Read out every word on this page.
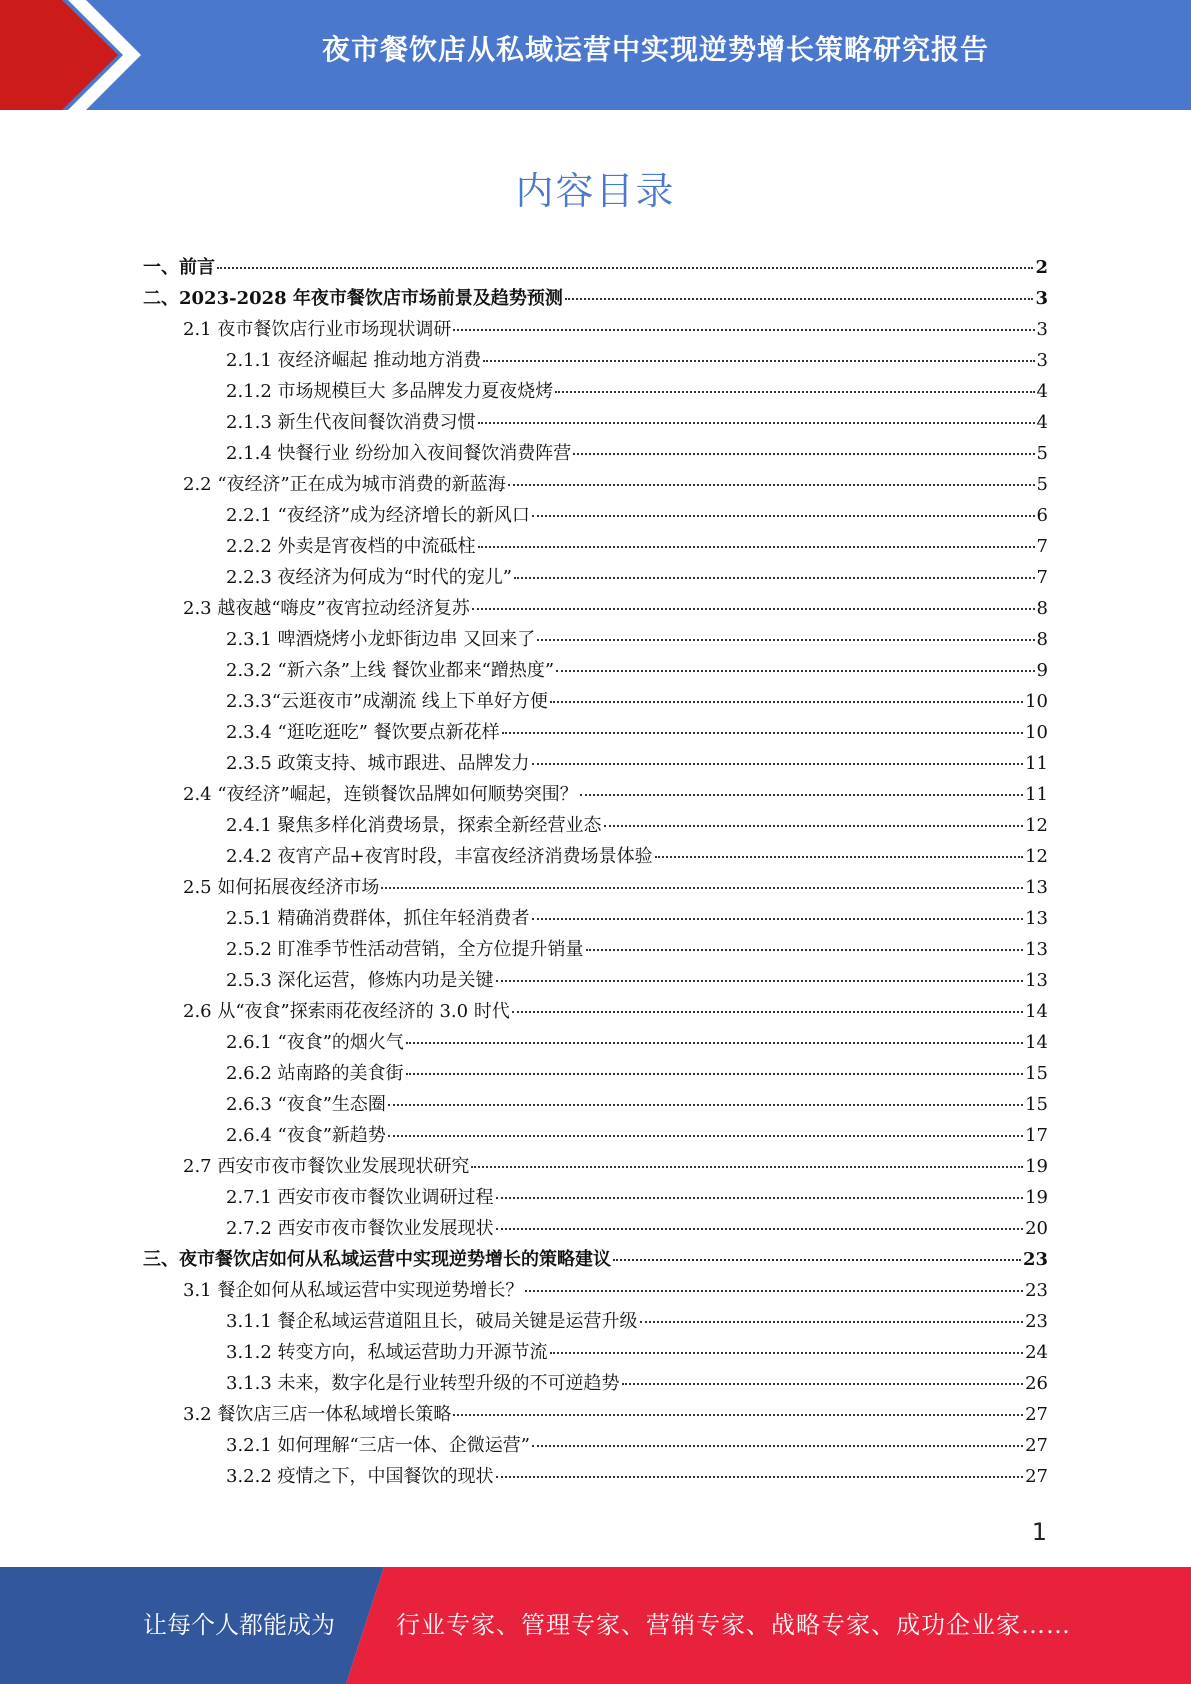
夜市餐饮店从私域运营中实现逆势增长策略研究报告
内容目录
一、前言	2
二、2023-2028 年夜市餐饮店市场前景及趋势预测	3
2.1 夜市餐饮店行业市场现状调研	3
2.1.1 夜经济崛起 推动地方消费	3
2.1.2 市场规模巨大 多品牌发力夏夜烧烤	4
2.1.3 新生代夜间餐饮消费习惯	4
2.1.4 快餐行业 纷纷加入夜间餐饮消费阵营	5
2.2 “夜经济”正在成为城市消费的新蓝海	5
2.2.1 “夜经济”成为经济增长的新风口	6
2.2.2 外卖是宵夜档的中流砥柱	7
2.2.3 夜经济为何成为“时代的宠儿”	7
2.3 越夜越“嗨皮”夜宵拉动经济复苏	8
2.3.1 啤酒烧烤小龙虾街边串 又回来了	8
2.3.2 “新六条”上线 餐饮业都来“蹭热度”	9
2.3.3“云逛夜市”成潮流 线上下单好方便	10
2.3.4 “逛吃逛吃” 餐饮要点新花样	10
2.3.5 政策支持、城市跟进、品牌发力	11
2.4 “夜经济”崛起，连锁餐饮品牌如何顺势突围？	11
2.4.1 聚焦多样化消费场景，探索全新经营业态	12
2.4.2 夜宵产品+夜宵时段，丰富夜经济消费场景体验	12
2.5 如何拓展夜经济市场	13
2.5.1 精确消费群体，抓住年轻消费者	13
2.5.2 盯准季节性活动营销，全方位提升销量	13
2.5.3 深化运营，修炼内功是关键	13
2.6 从“夜食”探索雨花夜经济的 3.0 时代	14
2.6.1 “夜食”的烟火气	14
2.6.2 站南路的美食街	15
2.6.3 “夜食”生态圈	15
2.6.4 “夜食”新趋势	17
2.7 西安市夜市餐饮业发展现状研究	19
2.7.1 西安市夜市餐饮业调研过程	19
2.7.2 西安市夜市餐饮业发展现状	20
三、夜市餐饮店如何从私域运营中实现逆势增长的策略建议	23
3.1 餐企如何从私域运营中实现逆势增长？	23
3.1.1 餐企私域运营道阻且长，破局关键是运营升级	23
3.1.2 转变方向，私域运营助力开源节流	24
3.1.3 未来，数字化是行业转型升级的不可逆趋势	26
3.2 餐饮店三店一体私域增长策略	27
3.2.1 如何理解“三店一体、企微运营”	27
3.2.2 疫情之下，中国餐饮的现状	27
1
让每个人都能成为	行业专家、管理专家、营销专家、战略专家、成功企业家……
